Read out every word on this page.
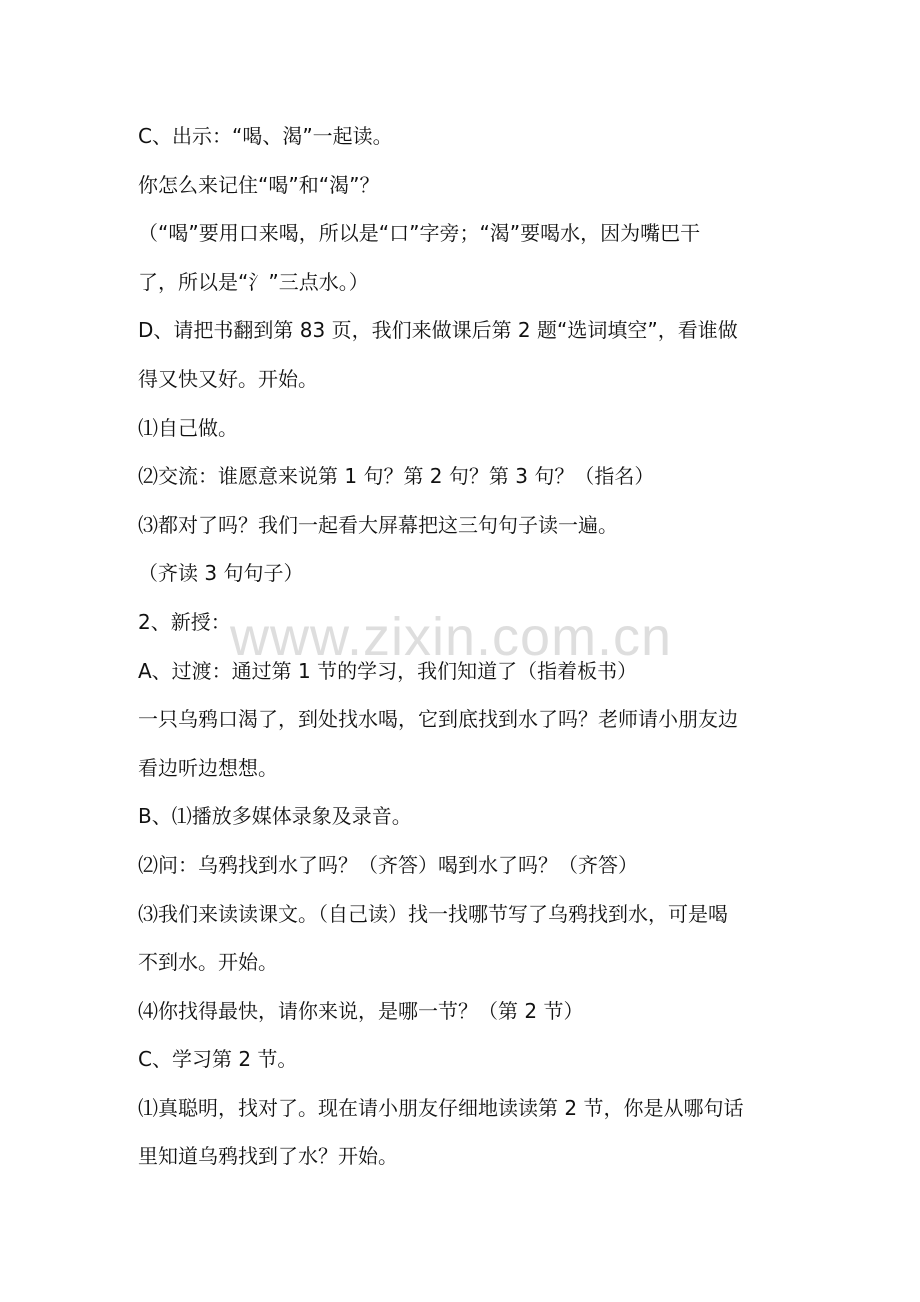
C、出示：“喝、渴”一起读。

你怎么来记住“喝”和“渴”？

（“喝”要用口来喝，所以是“口”字旁；“渴”要喝水，因为嘴巴干

了，所以是“氵”三点水。）

D、请把书翻到第 83 页，我们来做课后第 2 题“选词填空”，看谁做

得又快又好。开始。

⑴自己做。

⑵交流：谁愿意来说第 1 句？第 2 句？第 3 句？（指名）

⑶都对了吗？我们一起看大屏幕把这三句句子读一遍。

（齐读 3 句句子）

2、新授：

A、过渡：通过第 1 节的学习，我们知道了（指着板书）

一只乌鸦口渴了，到处找水喝，它到底找到水了吗？老师请小朋友边

看边听边想想。

B、⑴播放多媒体录象及录音。

⑵问：乌鸦找到水了吗？（齐答）喝到水了吗？（齐答）

⑶我们来读读课文。（自己读）找一找哪节写了乌鸦找到水，可是喝

不到水。开始。

⑷你找得最快，请你来说，是哪一节？（第 2 节）

C、学习第 2 节。

⑴真聪明，找对了。现在请小朋友仔细地读读第 2 节，你是从哪句话

里知道乌鸦找到了水？开始。

www.zixin.com.cn
